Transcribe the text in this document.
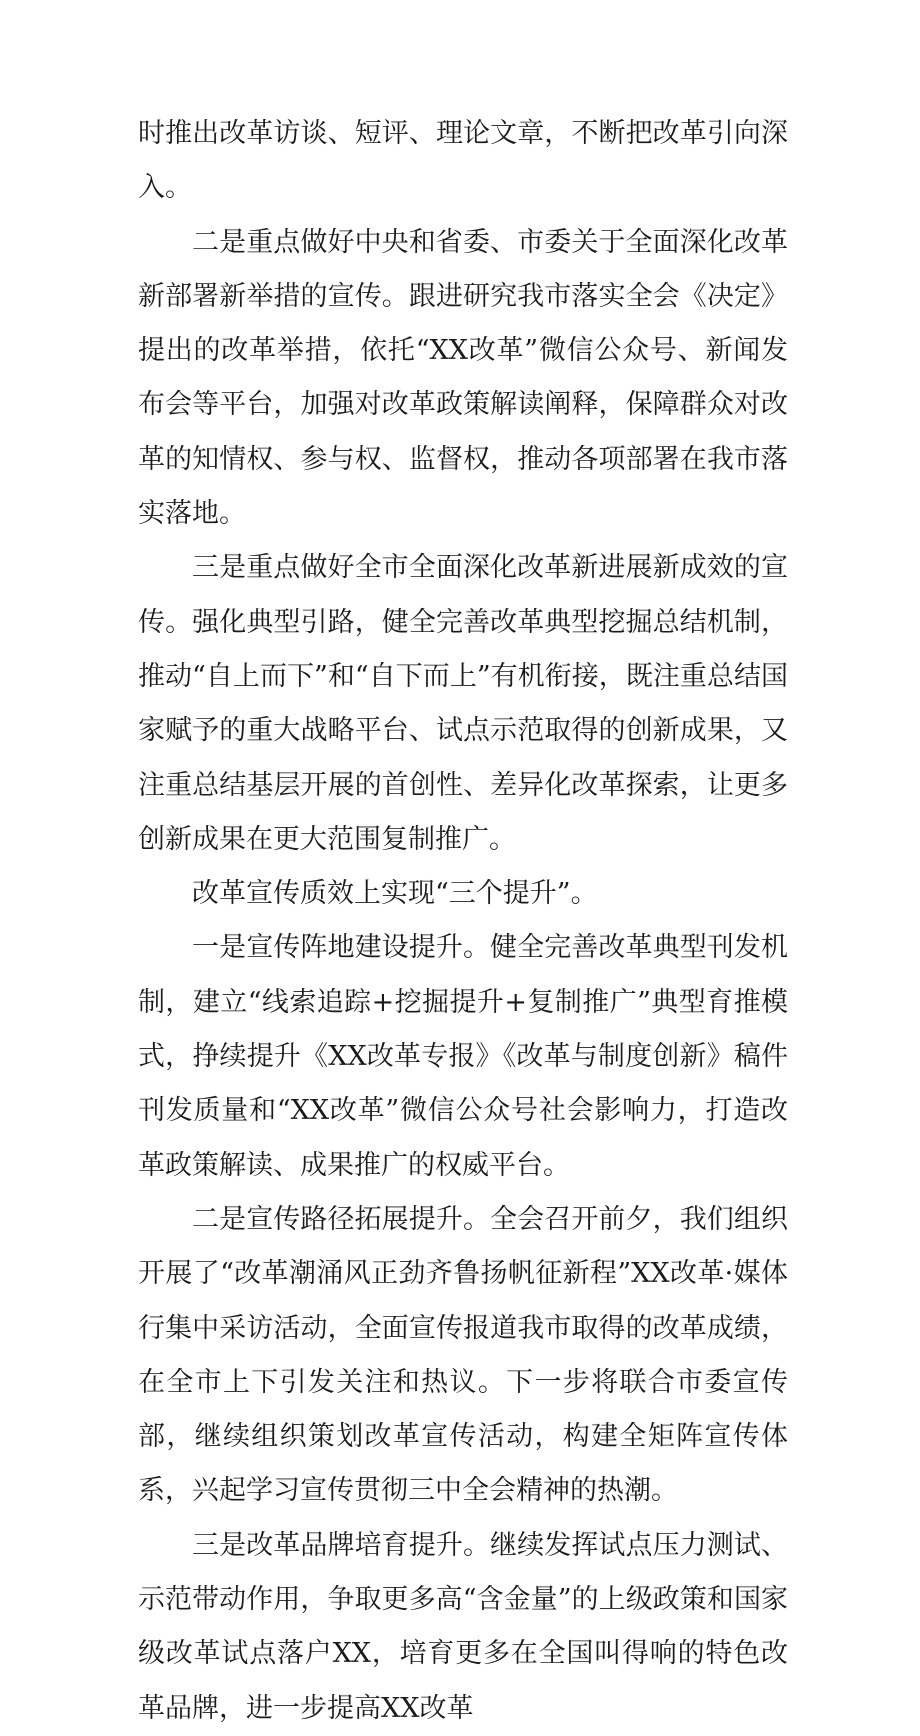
时推出改革访谈、短评、理论文章，不断把改革引向深入。

二是重点做好中央和省委、市委关于全面深化改革新部署新举措的宣传。跟进研究我市落实全会《决定》提出的改革举措，依托“XX改革”微信公众号、新闻发布会等平台，加强对改革政策解读阐释，保障群众对改革的知情权、参与权、监督权，推动各项部署在我市落实落地。

三是重点做好全市全面深化改革新进展新成效的宣传。强化典型引路，健全完善改革典型挖掘总结机制，推动“自上而下”和“自下而上”有机衔接，既注重总结国家赋予的重大战略平台、试点示范取得的创新成果，又注重总结基层开展的首创性、差异化改革探索，让更多创新成果在更大范围复制推广。

改革宣传质效上实现“三个提升”。

一是宣传阵地建设提升。健全完善改革典型刊发机制，建立“线索追踪+挖掘提升+复制推广”典型育推模式，挣续提升《XX改革专报》《改革与制度创新》稿件刊发质量和“XX改革”微信公众号社会影响力，打造改革政策解读、成果推广的权威平台。

二是宣传路径拓展提升。全会召开前夕，我们组织开展了“改革潮涌风正劲齐鲁扬帆征新程”XX改革·媒体行集中采访活动，全面宣传报道我市取得的改革成绩，在全市上下引发关注和热议。下一步将联合市委宣传部，继续组织策划改革宣传活动，构建全矩阵宣传体系，兴起学习宣传贯彻三中全会精神的热潮。

三是改革品牌培育提升。继续发挥试点压力测试、示范带动作用，争取更多高“含金量”的上级政策和国家级改革试点落户XX，培育更多在全国叫得响的特色改革品牌，进一步提高XX改革
